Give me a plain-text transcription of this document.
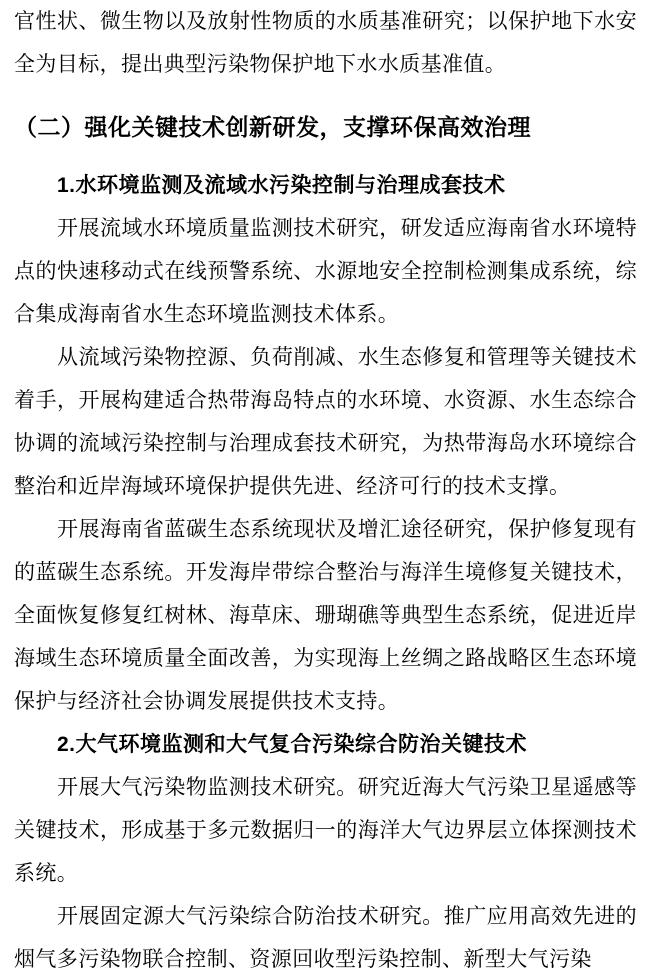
官性状、微生物以及放射性物质的水质基准研究；以保护地下水安全为目标，提出典型污染物保护地下水水质基准值。

（二）强化关键技术创新研发，支撑环保高效治理
1.水环境监测及流域水污染控制与治理成套技术

开展流域水环境质量监测技术研究，研发适应海南省水环境特点的快速移动式在线预警系统、水源地安全控制检测集成系统，综合集成海南省水生态环境监测技术体系。

从流域污染物控源、负荷削减、水生态修复和管理等关键技术着手，开展构建适合热带海岛特点的水环境、水资源、水生态综合协调的流域污染控制与治理成套技术研究，为热带海岛水环境综合整治和近岸海域环境保护提供先进、经济可行的技术支撑。

开展海南省蓝碳生态系统现状及增汇途径研究，保护修复现有的蓝碳生态系统。开发海岸带综合整治与海洋生境修复关键技术，全面恢复修复红树林、海草床、珊瑚礁等典型生态系统，促进近岸海域生态环境质量全面改善，为实现海上丝绸之路战略区生态环境保护与经济社会协调发展提供技术支持。

2.大气环境监测和大气复合污染综合防治关键技术

开展大气污染物监测技术研究。研究近海大气污染卫星遥感等关键技术，形成基于多元数据归一的海洋大气边界层立体探测技术系统。

开展固定源大气污染综合防治技术研究。推广应用高效先进的烟气多污染物联合控制、资源回收型污染控制、新型大气污染
